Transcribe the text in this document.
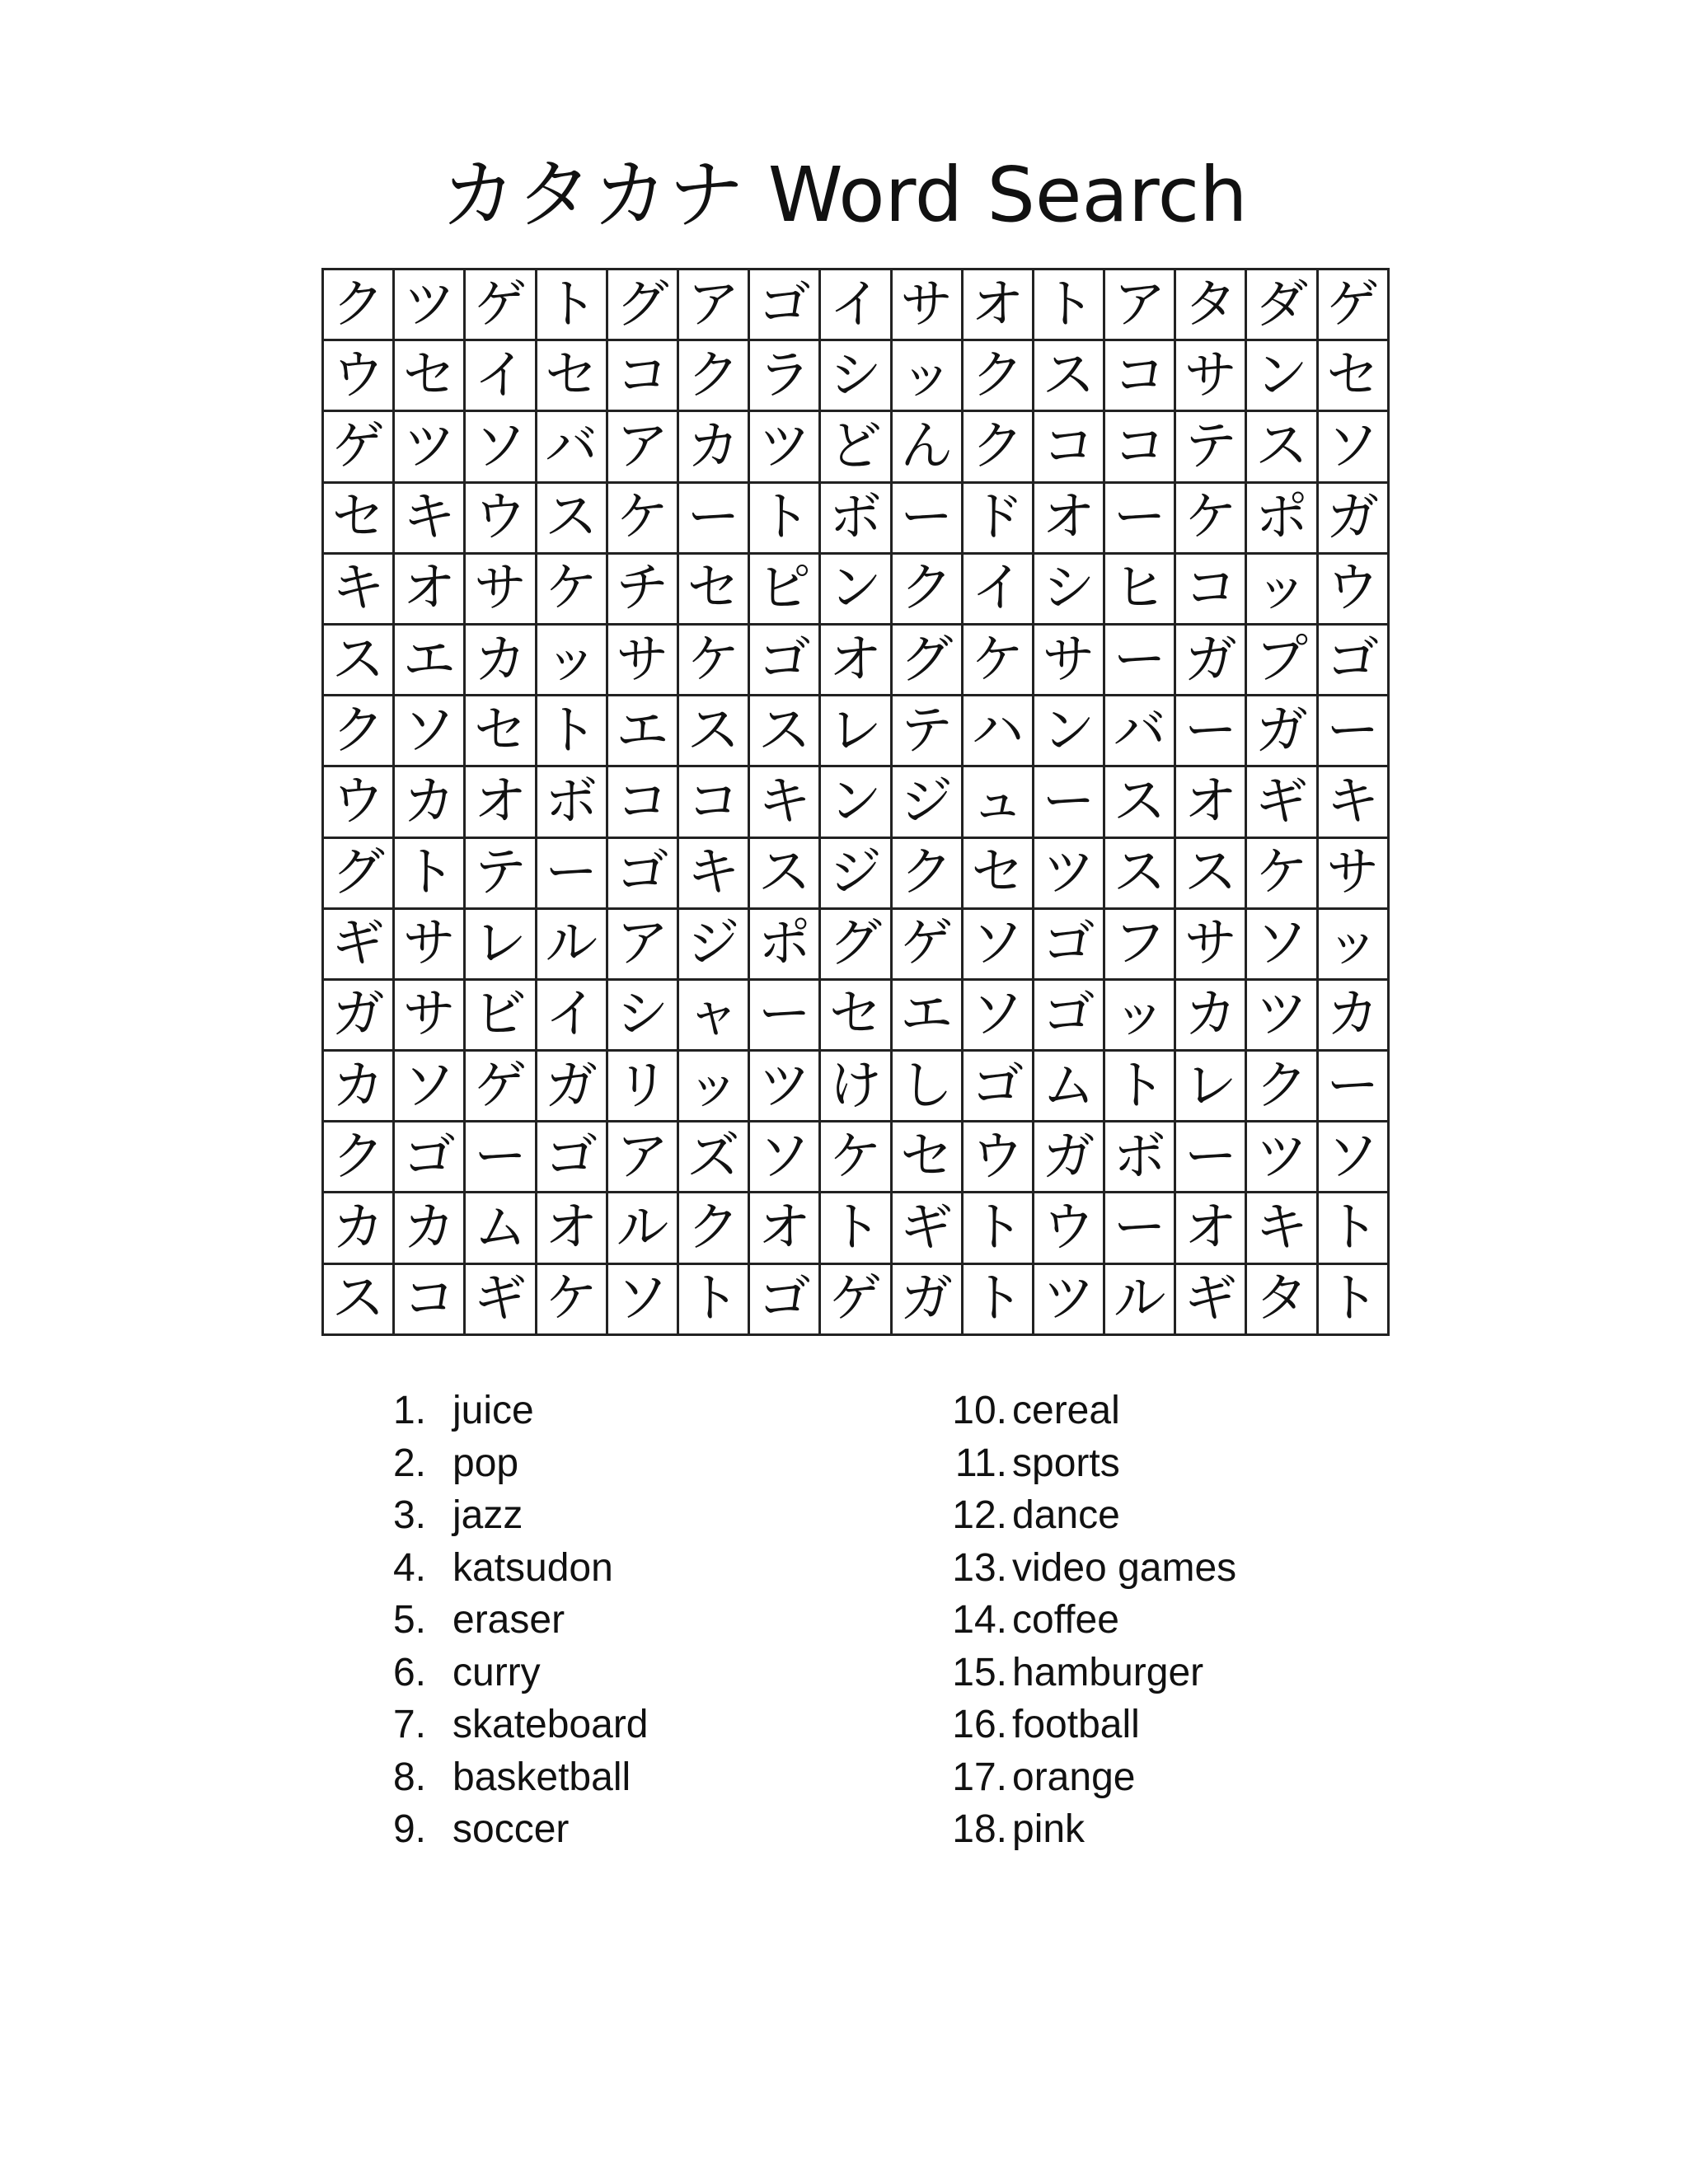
カタカナ Word Search
ク	ツ	ゲ	ト	グ	ア	ゴ	イ	サ	オ	ト	ア	タ	ダ	ゲ
ウ	セ	イ	セ	コ	ク	ラ	シ	ッ	ク	ス	コ	サ	ン	セ
ゲ	ツ	ソ	バ	ア	カ	ツ	ど	ん	ク	コ	コ	テ	ス	ソ
セ	キ	ウ	ス	ケ	ー	ト	ボ	ー	ド	オ	ー	ケ	ポ	ガ
キ	オ	サ	ケ	チ	セ	ピ	ン	ク	イ	シ	ヒ	コ	ッ	ウ
ス	エ	カ	ッ	サ	ケ	ゴ	オ	グ	ケ	サ	ー	ガ	プ	ゴ
ク	ソ	セ	ト	エ	ス	ス	レ	テ	ハ	ン	バ	ー	ガ	ー
ウ	カ	オ	ボ	コ	コ	キ	ン	ジ	ュ	ー	ス	オ	ギ	キ
グ	ト	テ	ー	ゴ	キ	ス	ジ	ク	セ	ツ	ス	ス	ケ	サ
ギ	サ	レ	ル	ア	ジ	ポ	グ	ゲ	ソ	ゴ	フ	サ	ソ	ッ
ガ	サ	ビ	イ	シ	ャ	ー	セ	エ	ソ	ゴ	ッ	カ	ツ	カ
カ	ソ	ゲ	ガ	リ	ッ	ツ	け	し	ゴ	ム	ト	レ	ク	ー
ク	ゴ	ー	ゴ	ア	ズ	ソ	ケ	セ	ウ	ガ	ボ	ー	ツ	ソ
カ	カ	ム	オ	ル	ク	オ	ト	ギ	ト	ウ	ー	オ	キ	ト
ス	コ	ギ	ケ	ソ	ト	ゴ	ゲ	ガ	ト	ツ	ル	ギ	タ	ト
1. juice
2. pop
3. jazz
4. katsudon
5. eraser
6. curry
7. skateboard
8. basketball
9. soccer
10. cereal
11. sports
12. dance
13. video games
14. coffee
15. hamburger
16. football
17. orange
18. pink
